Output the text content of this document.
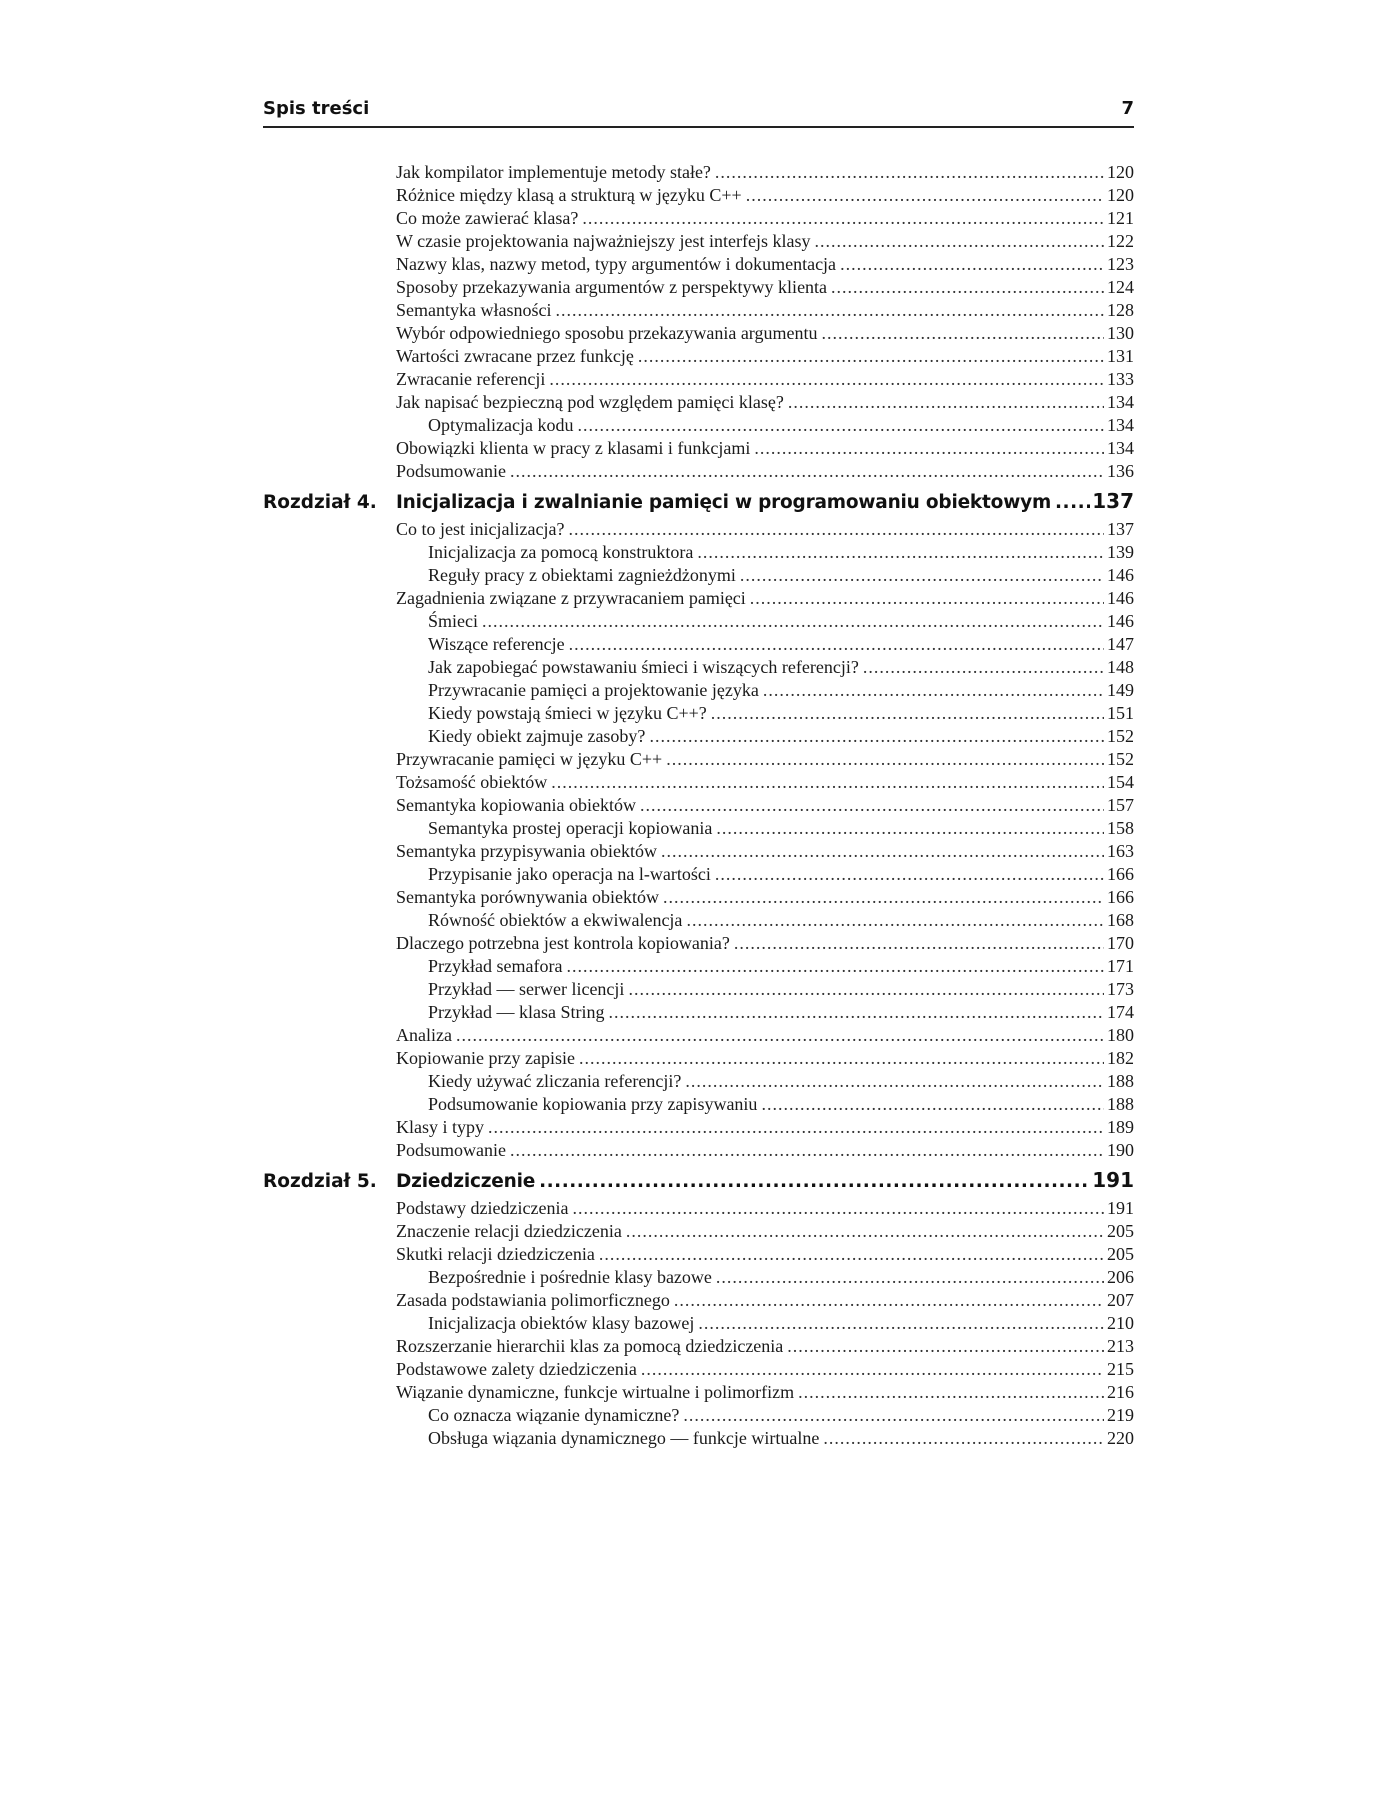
Spis treści	7
Jak kompilator implementuje metody stałe? .....	120
Różnice między klasą a strukturą w języku C++ .....	120
Co może zawierać klasa? .....	121
W czasie projektowania najważniejszy jest interfejs klasy .....	122
Nazwy klas, nazwy metod, typy argumentów i dokumentacja .....	123
Sposoby przekazywania argumentów z perspektywy klienta .....	124
Semantyka własności .....	128
Wybór odpowiedniego sposobu przekazywania argumentu .....	130
Wartości zwracane przez funkcję .....	131
Zwracanie referencji .....	133
Jak napisać bezpieczną pod względem pamięci klasę? .....	134
Optymalizacja kodu .....	134
Obowiązki klienta w pracy z klasami i funkcjami .....	134
Podsumowanie .....	136
Rozdział 4.	Inicjalizacja i zwalnianie pamięci w programowaniu obiektowym ..... 137
Co to jest inicjalizacja? .....	137
Inicjalizacja za pomocą konstruktora .....	139
Reguły pracy z obiektami zagnieżdżonymi .....	146
Zagadnienia związane z przywracaniem pamięci .....	146
Śmieci .....	146
Wiszące referencje .....	147
Jak zapobiegać powstawaniu śmieci i wiszących referencji? .....	148
Przywracanie pamięci a projektowanie języka .....	149
Kiedy powstają śmieci w języku C++? .....	151
Kiedy obiekt zajmuje zasoby? .....	152
Przywracanie pamięci w języku C++ .....	152
Tożsamość obiektów .....	154
Semantyka kopiowania obiektów .....	157
Semantyka prostej operacji kopiowania .....	158
Semantyka przypisywania obiektów .....	163
Przypisanie jako operacja na l-wartości .....	166
Semantyka porównywania obiektów .....	166
Równość obiektów a ekwiwalencja .....	168
Dlaczego potrzebna jest kontrola kopiowania? .....	170
Przykład semafora .....	171
Przykład — serwer licencji .....	173
Przykład — klasa String .....	174
Analiza .....	180
Kopiowanie przy zapisie .....	182
Kiedy używać zliczania referencji? .....	188
Podsumowanie kopiowania przy zapisywaniu .....	188
Klasy i typy .....	189
Podsumowanie .....	190
Rozdział 5.	Dziedziczenie .....	191
Podstawy dziedziczenia .....	191
Znaczenie relacji dziedziczenia .....	205
Skutki relacji dziedziczenia .....	205
Bezpośrednie i pośrednie klasy bazowe .....	206
Zasada podstawiania polimorficznego .....	207
Inicjalizacja obiektów klasy bazowej .....	210
Rozszerzanie hierarchii klas za pomocą dziedziczenia .....	213
Podstawowe zalety dziedziczenia .....	215
Wiązanie dynamiczne, funkcje wirtualne i polimorfizm .....	216
Co oznacza wiązanie dynamiczne? .....	219
Obsługa wiązania dynamicznego — funkcje wirtualne .....	220
